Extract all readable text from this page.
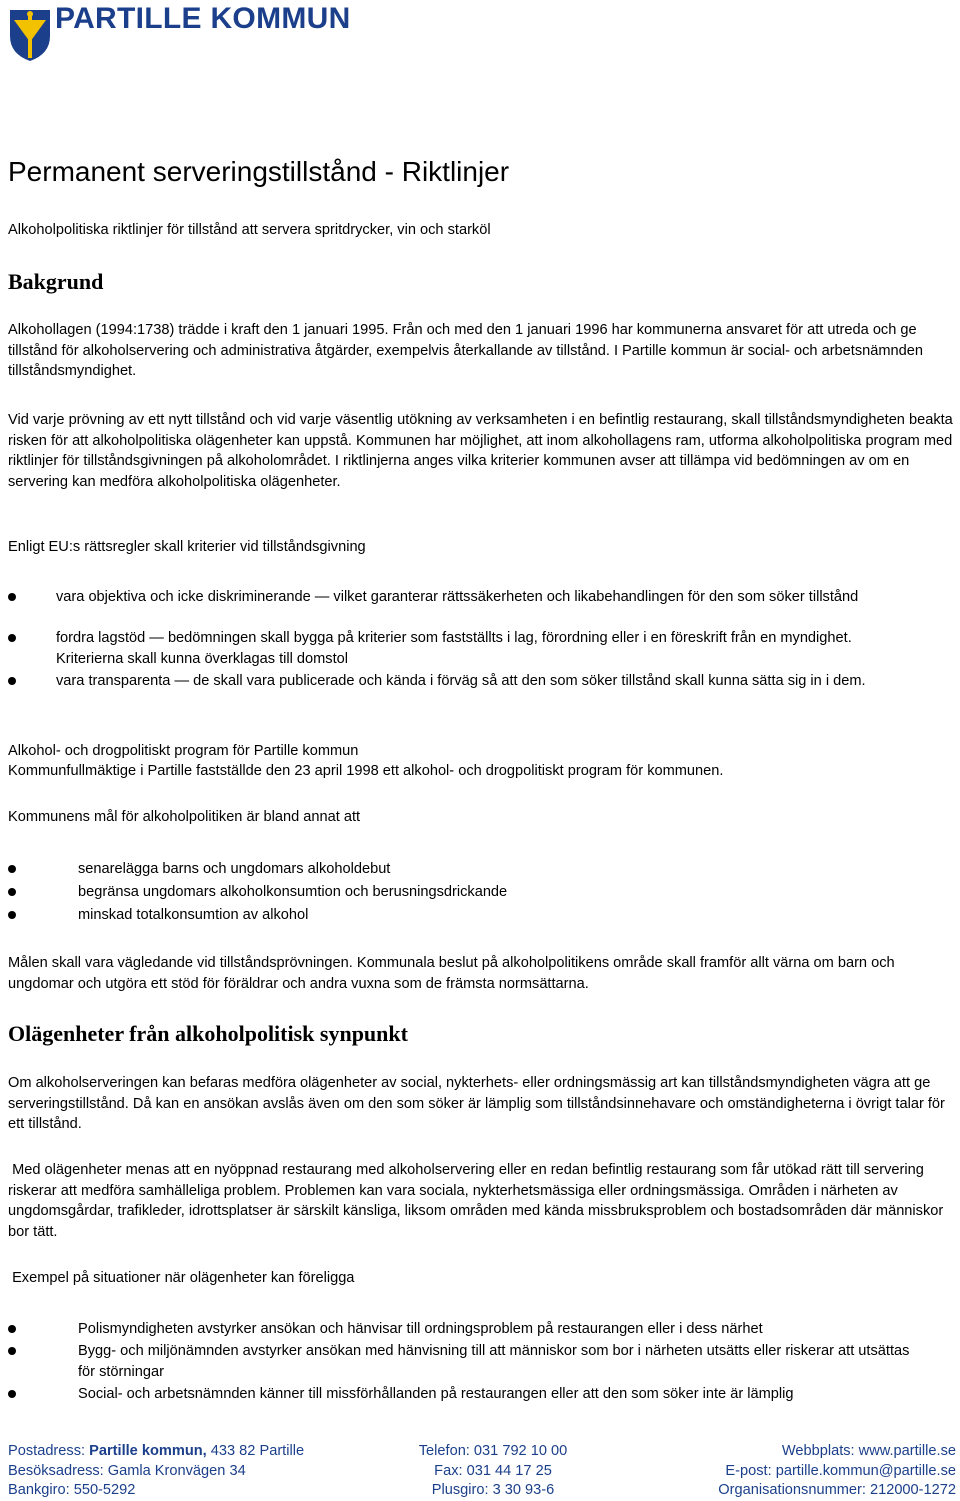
PARTILLE KOMMUN
Permanent serveringstillstånd - Riktlinjer

Alkoholpolitiska riktlinjer för tillstånd att servera spritdrycker, vin och starköl

Bakgrund

Alkohollagen (1994:1738) trädde i kraft den 1 januari 1995. Från och med den 1 januari 1996 har kommunerna ansvaret för att utreda och ge tillstånd för alkoholservering och administrativa åtgärder, exempelvis återkallande av tillstånd. I Partille kommun är social- och arbetsnämnden tillståndsmyndighet.

Vid varje prövning av ett nytt tillstånd och vid varje väsentlig utökning av verksamheten i en befintlig restaurang, skall tillståndsmyndigheten beakta risken för att alkoholpolitiska olägenheter kan uppstå. Kommunen har möjlighet, att inom alkohollagens ram, utforma alkoholpolitiska program med riktlinjer för tillståndsgivningen på alkoholområdet. I riktlinjerna anges vilka kriterier kommunen avser att tillämpa vid bedömningen av om en servering kan medföra alkoholpolitiska olägenheter.

Enligt EU:s rättsregler skall kriterier vid tillståndsgivning

vara objektiva och icke diskriminerande — vilket garanterar rättssäkerheten och likabehandlingen för den som söker tillstånd
fordra lagstöd — bedömningen skall bygga på kriterier som fastställts i lag, förordning eller i en föreskrift från en myndighet. Kriterierna skall kunna överklagas till domstol
vara transparenta — de skall vara publicerade och kända i förväg så att den som söker tillstånd skall kunna sätta sig in i dem.

Alkohol- och drogpolitiskt program för Partille kommun

Kommunfullmäktige i Partille fastställde den 23 april 1998 ett alkohol- och drogpolitiskt program för kommunen.

Kommunens mål för alkoholpolitiken är bland annat att

senarelägga barns och ungdomars alkoholdebut
begränsa ungdomars alkoholkonsumtion och berusningsdrickande
minskad totalkonsumtion av alkohol

Målen skall vara vägledande vid tillståndsprövningen. Kommunala beslut på alkoholpolitikens område skall framför allt värna om barn och ungdomar och utgöra ett stöd för föräldrar och andra vuxna som de främsta normsättarna.

Olägenheter från alkoholpolitisk synpunkt

Om alkoholserveringen kan befaras medföra olägenheter av social, nykterhets- eller ordningsmässig art kan tillståndsmyndigheten vägra att ge serveringstillstånd. Då kan en ansökan avslås även om den som söker är lämplig som tillståndsinnehavare och omständigheterna i övrigt talar för ett tillstånd.

Med olägenheter menas att en nyöppnad restaurang med alkoholservering eller en redan befintlig restaurang som får utökad rätt till servering riskerar att medföra samhälleliga problem. Problemen kan vara sociala, nykterhetsmässiga eller ordningsmässiga. Områden i närheten av ungdomsgårdar, trafikleder, idrottsplatser är särskilt känsliga, liksom områden med kända missbruksproblem och bostadsområden där människor bor tätt.

Exempel på situationer när olägenheter kan föreligga

Polismyndigheten avstyrker ansökan och hänvisar till ordningsproblem på restaurangen eller i dess närhet
Bygg- och miljönämnden avstyrker ansökan med hänvisning till att människor som bor i närheten utsätts eller riskerar att utsättas för störningar
Social- och arbetsnämnden känner till missförhållanden på restaurangen eller att den som söker inte är lämplig
Postadress: Partille kommun, 433 82 Partille	Telefon: 031 792 10 00	Webbplats: www.partille.se
Besöksadress: Gamla Kronvägen 34	Fax: 031 44 17 25	E-post: partille.kommun@partille.se
Bankgiro: 550-5292	Plusgiro: 3 30 93-6	Organisationsnummer: 212000-1272
